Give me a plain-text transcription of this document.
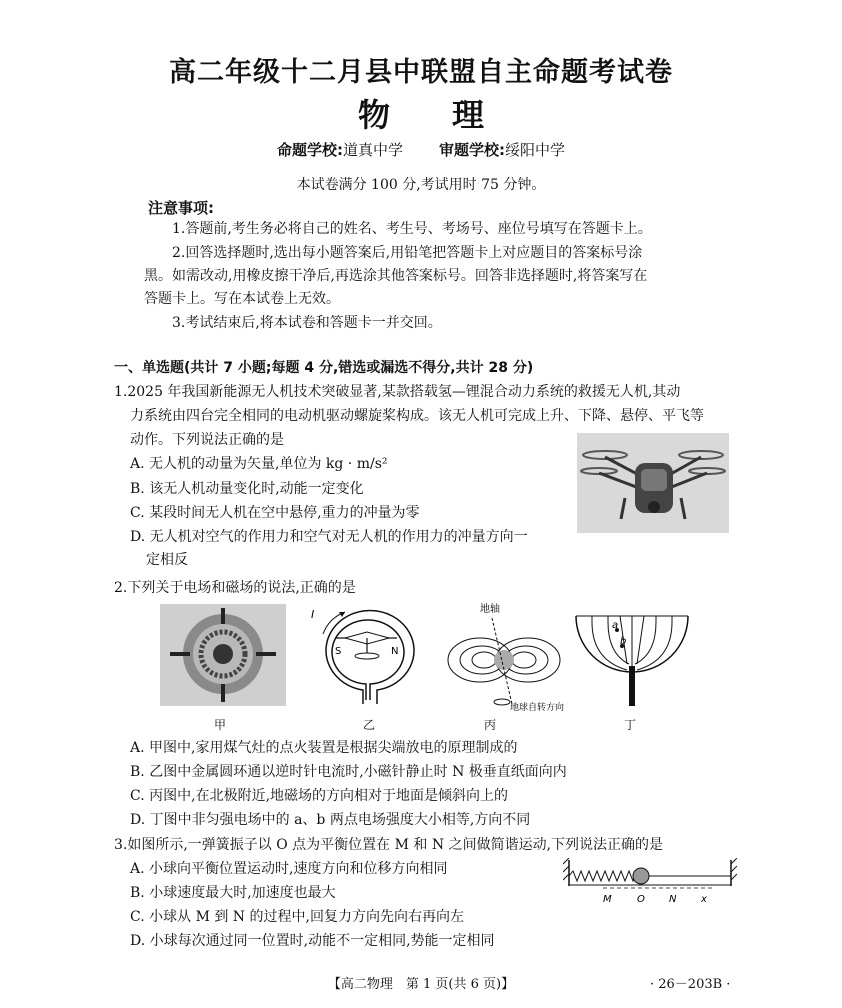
高二年级十二月县中联盟自主命题考试卷
物理
命题学校:道真中学 审题学校:绥阳中学
本试卷满分 100 分,考试用时 75 分钟。
注意事项:
1.答题前,考生务必将自己的姓名、考生号、考场号、座位号填写在答题卡上。
2.回答选择题时,选出每小题答案后,用铅笔把答题卡上对应题目的答案标号涂
黑。如需改动,用橡皮擦干净后,再选涂其他答案标号。回答非选择题时,将答案写在
答题卡上。写在本试卷上无效。
3.考试结束后,将本试卷和答题卡一并交回。
一、单选题(共计 7 小题;每题 4 分,错选或漏选不得分,共计 28 分)
1.2025 年我国新能源无人机技术突破显著,某款搭载氢—锂混合动力系统的救援无人机,其动
力系统由四台完全相同的电动机驱动螺旋桨构成。该无人机可完成上升、下降、悬停、平飞等
动作。下列说法正确的是
A. 无人机的动量为矢量,单位为 kg · m/s²
B. 该无人机动量变化时,动能一定变化
C. 某段时间无人机在空中悬停,重力的冲量为零
D. 无人机对空气的作用力和空气对无人机的作用力的冲量方向一
定相反
2.下列关于电场和磁场的说法,正确的是
甲
I
S	N
乙
地轴
地球自转方向
丙
a
b
丁
A. 甲图中,家用煤气灶的点火装置是根据尖端放电的原理制成的
B. 乙图中金属圆环通以逆时针电流时,小磁针静止时 N 极垂直纸面向内
C. 丙图中,在北极附近,地磁场的方向相对于地面是倾斜向上的
D. 丁图中非匀强电场中的 a、b 两点电场强度大小相等,方向不同
3.如图所示,一弹簧振子以 O 点为平衡位置在 M 和 N 之间做简谐运动,下列说法正确的是
A. 小球向平衡位置运动时,速度方向和位移方向相同
B. 小球速度最大时,加速度也最大
C. 小球从 M 到 N 的过程中,回复力方向先向右再向左
D. 小球每次通过同一位置时,动能不一定相同,势能一定相同
M	O N x
【高二物理　第 1 页(共 6 页)】	· 26－203B ·
